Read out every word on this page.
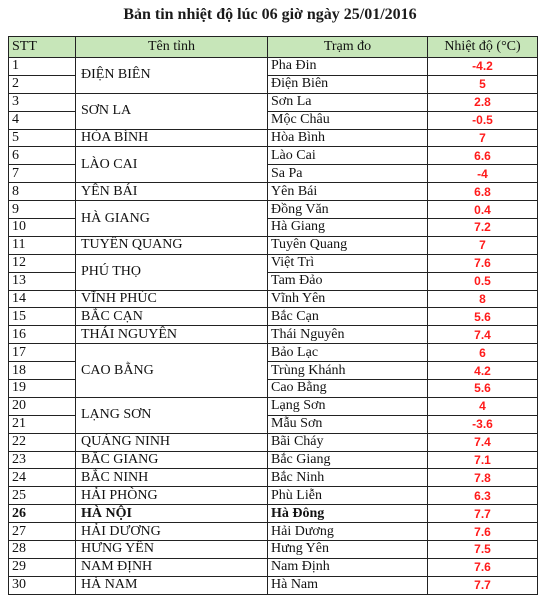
Bản tin nhiệt độ lúc 06 giờ ngày 25/01/2016
STT	Tên tỉnh	Trạm đo	Nhiệt độ (°C)
1	ĐIỆN BIÊN	Pha Đin	-4.2
2		Điện Biên	5
3	SƠN LA	Sơn La	2.8
4		Mộc Châu	-0.5
5	HÒA BÌNH	Hòa Bình	7
6	LÀO CAI	Lào Cai	6.6
7		Sa Pa	-4
8	YÊN BÁI	Yên Bái	6.8
9	HÀ GIANG	Đồng Văn	0.4
10		Hà Giang	7.2
11	TUYÊN QUANG	Tuyên Quang	7
12	PHÚ THỌ	Việt Trì	7.6
13		Tam Đảo	0.5
14	VĨNH PHÚC	Vĩnh Yên	8
15	BẮC CẠN	Bắc Cạn	5.6
16	THÁI NGUYÊN	Thái Nguyên	7.4
17	CAO BẰNG	Bảo Lạc	6
18		Trùng Khánh	4.2
19		Cao Bằng	5.6
20	LẠNG SƠN	Lạng Sơn	4
21		Mẫu Sơn	-3.6
22	QUẢNG NINH	Bãi Cháy	7.4
23	BẮC GIANG	Bắc Giang	7.1
24	BẮC NINH	Bắc Ninh	7.8
25	HẢI PHÒNG	Phù Liễn	6.3
26	HÀ NỘI	Hà Đông	7.7
27	HẢI DƯƠNG	Hải Dương	7.6
28	HƯNG YÊN	Hưng Yên	7.5
29	NAM ĐỊNH	Nam Định	7.6
30	HÀ NAM	Hà Nam	7.7
